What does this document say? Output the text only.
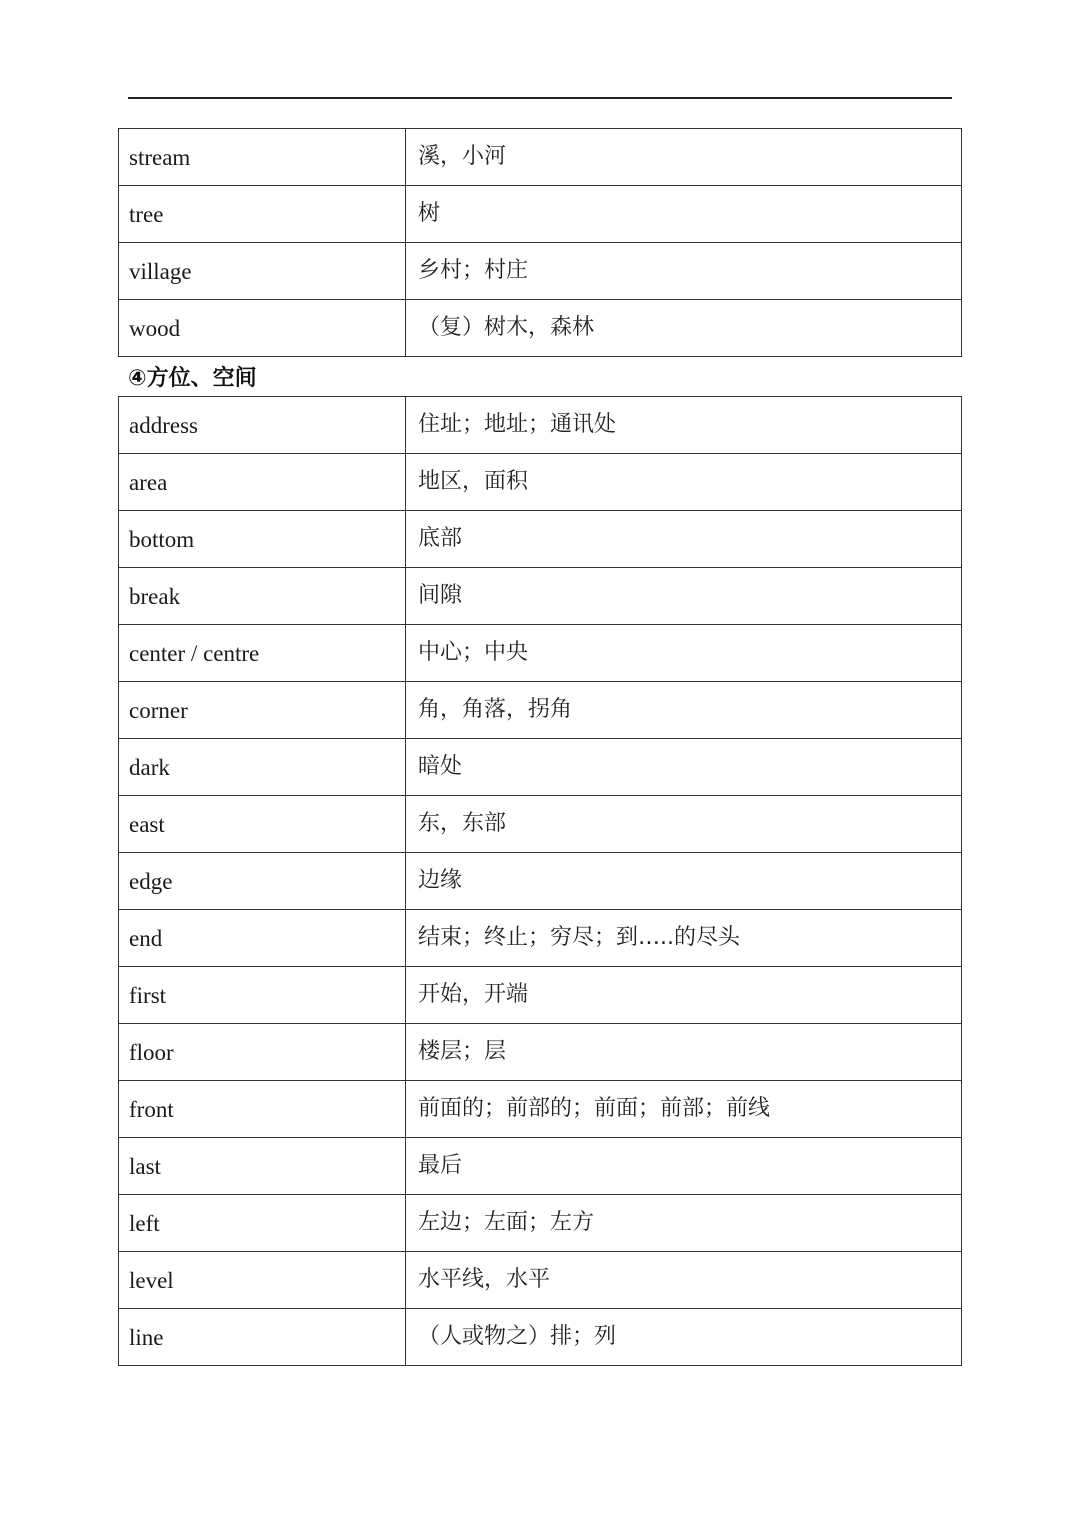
stream	溪，小河
tree	树
village	乡村；村庄
wood	（复）树木，森林
④方位、空间
address	住址；地址；通讯处
area	地区，面积
bottom	底部
break	间隙
center / centre	中心；中央
corner	角，角落，拐角
dark	暗处
east	东，东部
edge	边缘
end	结束；终止；穷尽；到…..的尽头
first	开始，开端
floor	楼层；层
front	前面的；前部的；前面；前部；前线
last	最后
left	左边；左面；左方
level	水平线，水平
line	（人或物之）排；列
